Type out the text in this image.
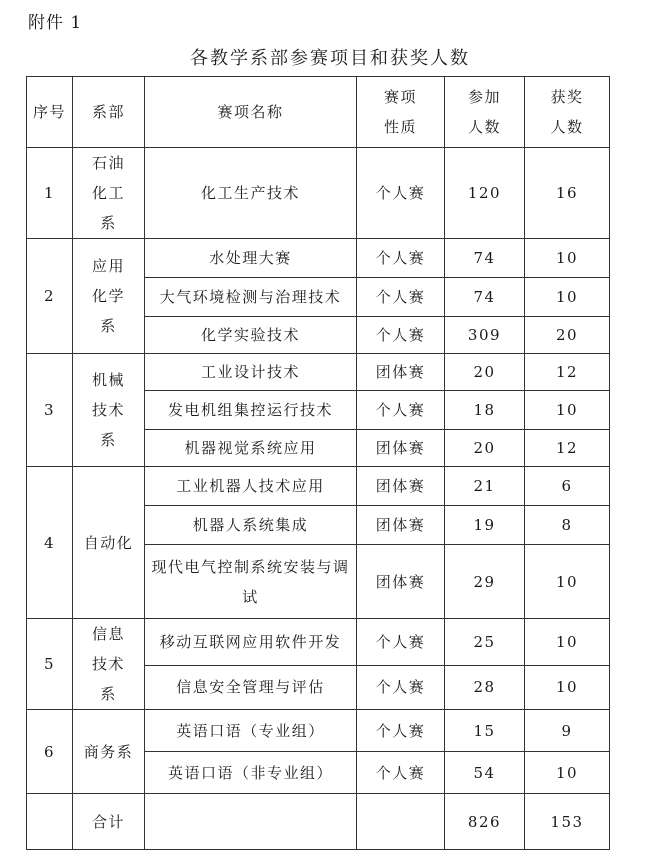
附件 1
各教学系部参赛项目和获奖人数
序号	系部	赛项名称	赛项性质	参加人数	获奖人数
1	石油化工系	化工生产技术	个人赛	120	16
2	应用化学系	水处理大赛	个人赛	74	10
		大气环境检测与治理技术	个人赛	74	10
		化学实验技术	个人赛	309	20
3	机械技术系	工业设计技术	团体赛	20	12
		发电机组集控运行技术	个人赛	18	10
		机器视觉系统应用	团体赛	20	12
4	自动化	工业机器人技术应用	团体赛	21	6
		机器人系统集成	团体赛	19	8
		现代电气控制系统安装与调试	团体赛	29	10
5	信息技术系	移动互联网应用软件开发	个人赛	25	10
		信息安全管理与评估	个人赛	28	10
6	商务系	英语口语（专业组）	个人赛	15	9
		英语口语（非专业组）	个人赛	54	10
	合计			826	153
